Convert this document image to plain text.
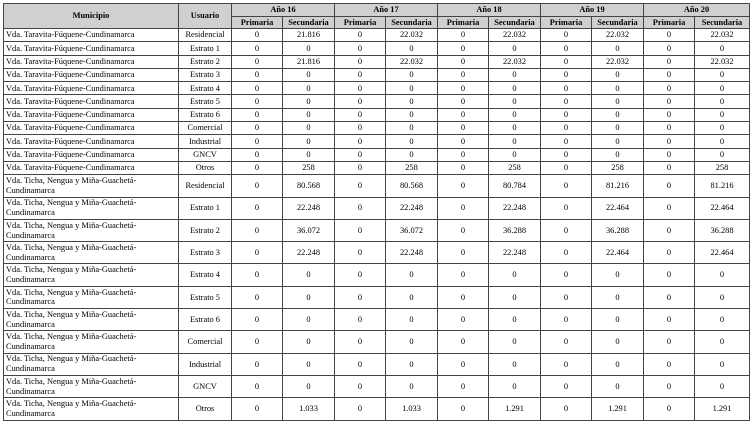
Municipio	Usuario	Año 16		Año 17		Año 18		Año 19		Año 20	
		Primaria	Secundaria	Primaria	Secundaria	Primaria	Secundaria	Primaria	Secundaria	Primaria	Secundaria
Vda. Taravita-Fúquene-Cundinamarca	Residencial	0	21.816	0	22.032	0	22.032	0	22.032	0	22.032
Vda. Taravita-Fúquene-Cundinamarca	Estrato 1	0	0	0	0	0	0	0	0	0	0
Vda. Taravita-Fúquene-Cundinamarca	Estrato 2	0	21.816	0	22.032	0	22.032	0	22.032	0	22.032
Vda. Taravita-Fúquene-Cundinamarca	Estrato 3	0	0	0	0	0	0	0	0	0	0
Vda. Taravita-Fúquene-Cundinamarca	Estrato 4	0	0	0	0	0	0	0	0	0	0
Vda. Taravita-Fúquene-Cundinamarca	Estrato 5	0	0	0	0	0	0	0	0	0	0
Vda. Taravita-Fúquene-Cundinamarca	Estrato 6	0	0	0	0	0	0	0	0	0	0
Vda. Taravita-Fúquene-Cundinamarca	Comercial	0	0	0	0	0	0	0	0	0	0
Vda. Taravita-Fúquene-Cundinamarca	Industrial	0	0	0	0	0	0	0	0	0	0
Vda. Taravita-Fúquene-Cundinamarca	GNCV	0	0	0	0	0	0	0	0	0	0
Vda. Taravita-Fúquene-Cundinamarca	Otros	0	258	0	258	0	258	0	258	0	258
Vda. Ticha, Nengua y Miña-Guachetá-Cundinamarca	Residencial	0	80.568	0	80.568	0	80.784	0	81.216	0	81.216
Vda. Ticha, Nengua y Miña-Guachetá-Cundinamarca	Estrato 1	0	22.248	0	22.248	0	22.248	0	22.464	0	22.464
Vda. Ticha, Nengua y Miña-Guachetá-Cundinamarca	Estrato 2	0	36.072	0	36.072	0	36.288	0	36.288	0	36.288
Vda. Ticha, Nengua y Miña-Guachetá-Cundinamarca	Estrato 3	0	22.248	0	22.248	0	22.248	0	22.464	0	22.464
Vda. Ticha, Nengua y Miña-Guachetá-Cundinamarca	Estrato 4	0	0	0	0	0	0	0	0	0	0
Vda. Ticha, Nengua y Miña-Guachetá-Cundinamarca	Estrato 5	0	0	0	0	0	0	0	0	0	0
Vda. Ticha, Nengua y Miña-Guachetá-Cundinamarca	Estrato 6	0	0	0	0	0	0	0	0	0	0
Vda. Ticha, Nengua y Miña-Guachetá-Cundinamarca	Comercial	0	0	0	0	0	0	0	0	0	0
Vda. Ticha, Nengua y Miña-Guachetá-Cundinamarca	Industrial	0	0	0	0	0	0	0	0	0	0
Vda. Ticha, Nengua y Miña-Guachetá-Cundinamarca	GNCV	0	0	0	0	0	0	0	0	0	0
Vda. Ticha, Nengua y Miña-Guachetá-Cundinamarca	Otros	0	1.033	0	1.033	0	1.291	0	1.291	0	1.291
